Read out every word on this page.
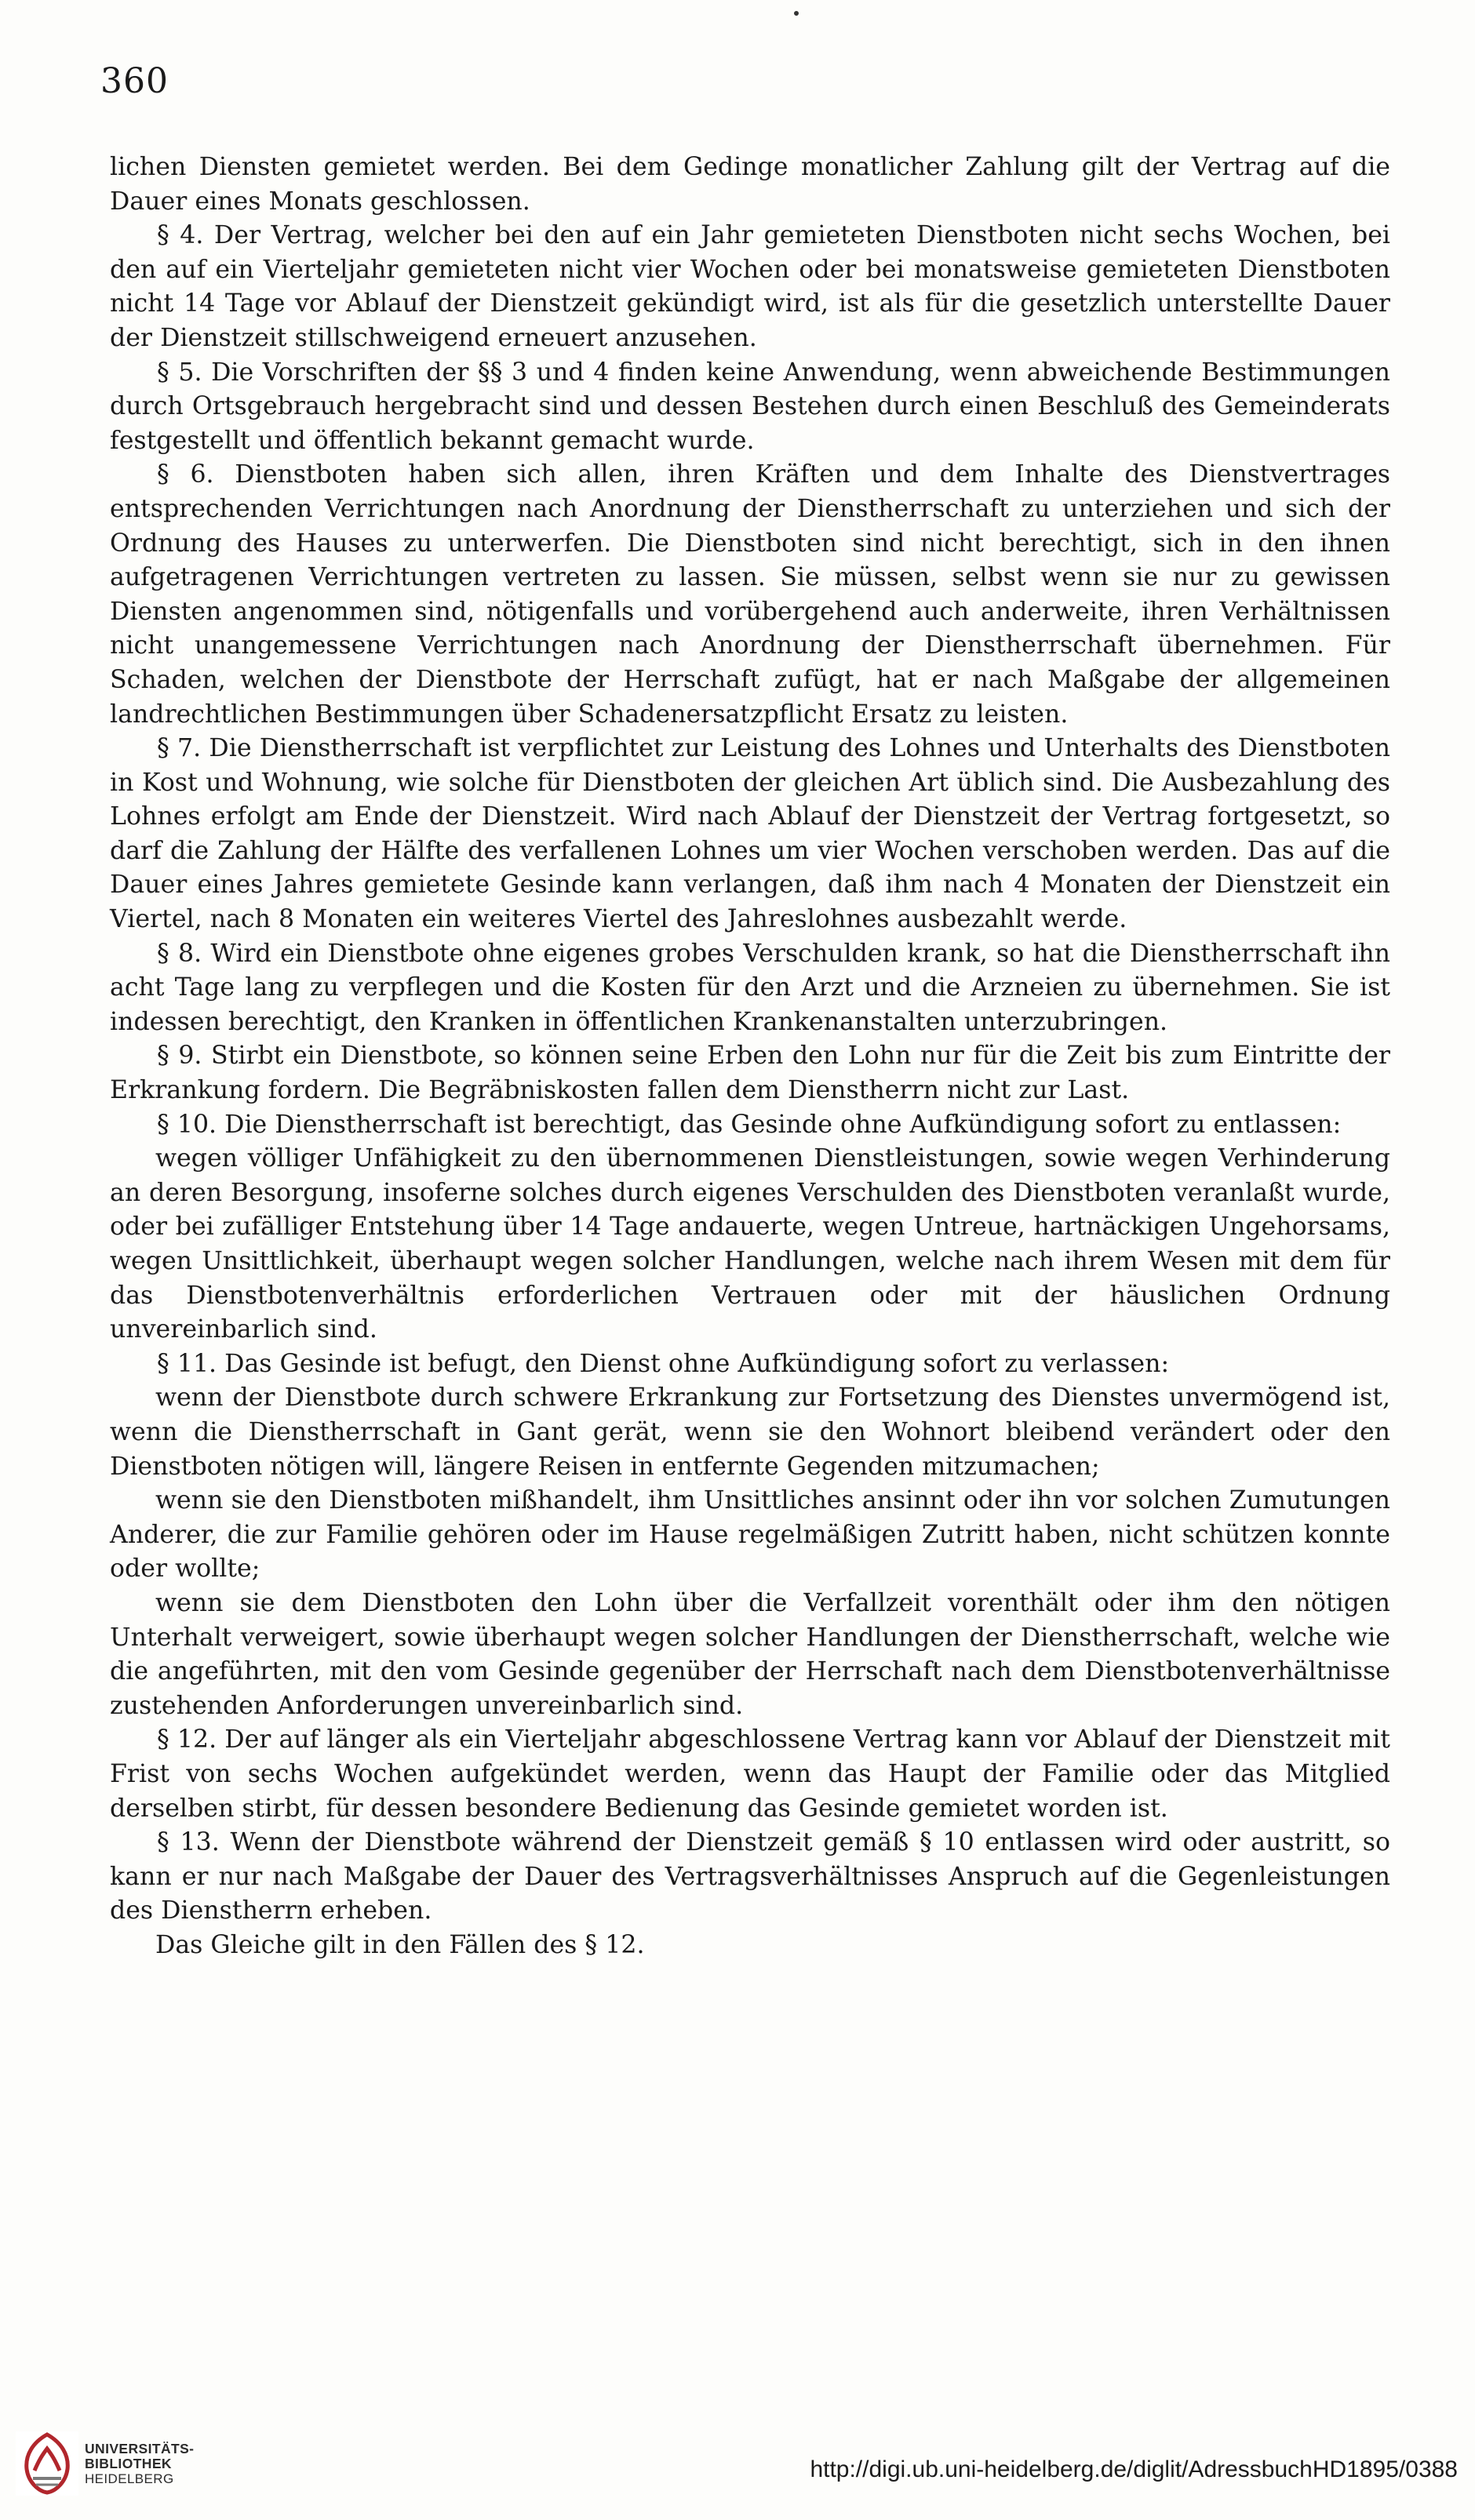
360

lichen Diensten gemietet werden. Bei dem Gedinge monatlicher Zahlung gilt der Vertrag auf die Dauer eines Monats geschlossen.

§ 4. Der Vertrag, welcher bei den auf ein Jahr gemieteten Dienstboten nicht sechs Wochen, bei den auf ein Vierteljahr gemieteten nicht vier Wochen oder bei monatsweise gemieteten Dienstboten nicht 14 Tage vor Ablauf der Dienstzeit gekündigt wird, ist als für die gesetzlich unterstellte Dauer der Dienstzeit stillschweigend erneuert anzusehen.

§ 5. Die Vorschriften der §§ 3 und 4 finden keine Anwendung, wenn abweichende Bestimmungen durch Ortsgebrauch hergebracht sind und dessen Bestehen durch einen Beschluß des Gemeinderats festgestellt und öffentlich bekannt gemacht wurde.

§ 6. Dienstboten haben sich allen, ihren Kräften und dem Inhalte des Dienstvertrages entsprechenden Verrichtungen nach Anordnung der Dienstherrschaft zu unterziehen und sich der Ordnung des Hauses zu unterwerfen. Die Dienstboten sind nicht berechtigt, sich in den ihnen aufgetragenen Verrichtungen vertreten zu lassen. Sie müssen, selbst wenn sie nur zu gewissen Diensten angenommen sind, nötigenfalls und vorübergehend auch anderweite, ihren Verhältnissen nicht unangemessene Verrichtungen nach Anordnung der Dienstherrschaft übernehmen. Für Schaden, welchen der Dienstbote der Herrschaft zufügt, hat er nach Maßgabe der allgemeinen landrechtlichen Bestimmungen über Schadenersatzpflicht Ersatz zu leisten.

§ 7. Die Dienstherrschaft ist verpflichtet zur Leistung des Lohnes und Unterhalts des Dienstboten in Kost und Wohnung, wie solche für Dienstboten der gleichen Art üblich sind. Die Ausbezahlung des Lohnes erfolgt am Ende der Dienstzeit. Wird nach Ablauf der Dienstzeit der Vertrag fortgesetzt, so darf die Zahlung der Hälfte des verfallenen Lohnes um vier Wochen verschoben werden. Das auf die Dauer eines Jahres gemietete Gesinde kann verlangen, daß ihm nach 4 Monaten der Dienstzeit ein Viertel, nach 8 Monaten ein weiteres Viertel des Jahreslohnes ausbezahlt werde.

§ 8. Wird ein Dienstbote ohne eigenes grobes Verschulden krank, so hat die Dienstherrschaft ihn acht Tage lang zu verpflegen und die Kosten für den Arzt und die Arzneien zu übernehmen. Sie ist indessen berechtigt, den Kranken in öffentlichen Krankenanstalten unterzubringen.

§ 9. Stirbt ein Dienstbote, so können seine Erben den Lohn nur für die Zeit bis zum Eintritte der Erkrankung fordern. Die Begräbniskosten fallen dem Dienstherrn nicht zur Last.

§ 10. Die Dienstherrschaft ist berechtigt, das Gesinde ohne Aufkündigung sofort zu entlassen:

wegen völliger Unfähigkeit zu den übernommenen Dienstleistungen, sowie wegen Verhinderung an deren Besorgung, insoferne solches durch eigenes Verschulden des Dienstboten veranlaßt wurde, oder bei zufälliger Entstehung über 14 Tage andauerte, wegen Untreue, hartnäckigen Ungehorsams, wegen Unsittlichkeit, überhaupt wegen solcher Handlungen, welche nach ihrem Wesen mit dem für das Dienstbotenverhältnis erforderlichen Vertrauen oder mit der häuslichen Ordnung unvereinbarlich sind.

§ 11. Das Gesinde ist befugt, den Dienst ohne Aufkündigung sofort zu verlassen:

wenn der Dienstbote durch schwere Erkrankung zur Fortsetzung des Dienstes unvermögend ist, wenn die Dienstherrschaft in Gant gerät, wenn sie den Wohnort bleibend verändert oder den Dienstboten nötigen will, längere Reisen in entfernte Gegenden mitzumachen;

wenn sie den Dienstboten mißhandelt, ihm Unsittliches ansinnt oder ihn vor solchen Zumutungen Anderer, die zur Familie gehören oder im Hause regelmäßigen Zutritt haben, nicht schützen konnte oder wollte;

wenn sie dem Dienstboten den Lohn über die Verfallzeit vorenthält oder ihm den nötigen Unterhalt verweigert, sowie überhaupt wegen solcher Handlungen der Dienstherrschaft, welche wie die angeführten, mit den vom Gesinde gegenüber der Herrschaft nach dem Dienstbotenverhältnisse zustehenden Anforderungen unvereinbarlich sind.

§ 12. Der auf länger als ein Vierteljahr abgeschlossene Vertrag kann vor Ablauf der Dienstzeit mit Frist von sechs Wochen aufgekündet werden, wenn das Haupt der Familie oder das Mitglied derselben stirbt, für dessen besondere Bedienung das Gesinde gemietet worden ist.

§ 13. Wenn der Dienstbote während der Dienstzeit gemäß § 10 entlassen wird oder austritt, so kann er nur nach Maßgabe der Dauer des Vertragsverhältnisses Anspruch auf die Gegenleistungen des Dienstherrn erheben.

Das Gleiche gilt in den Fällen des § 12.

UNIVERSITÄTS-
BIBLIOTHEK
HEIDELBERG	http://digi.ub.uni-heidelberg.de/diglit/AdressbuchHD1895/0388
